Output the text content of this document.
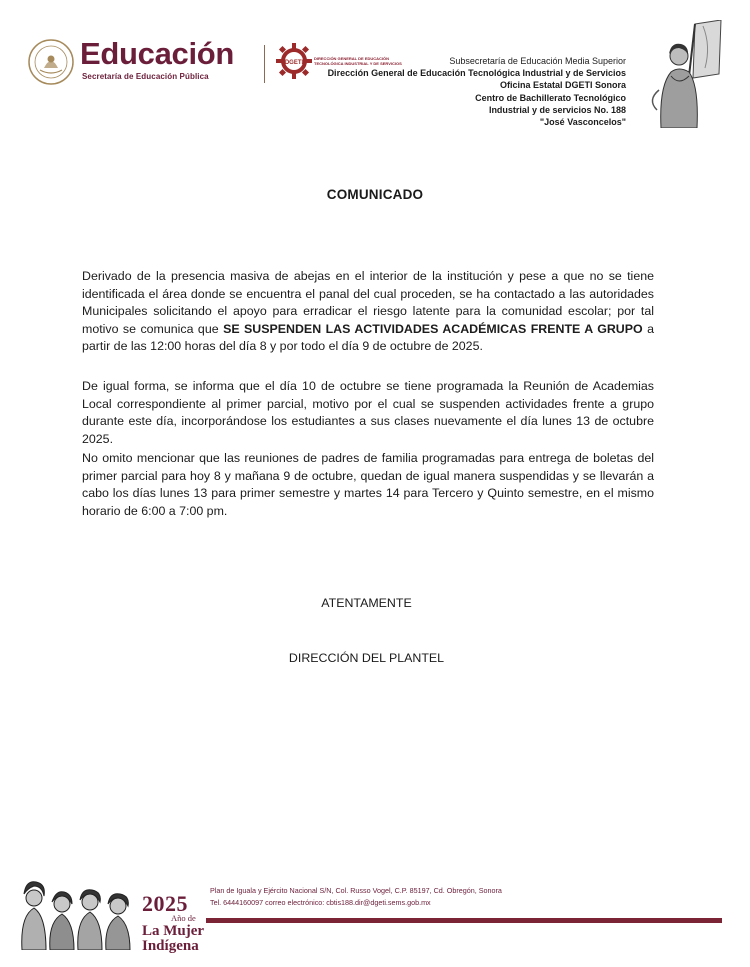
Educación
Secretaría de Educación Pública
DGETI
DIRECCIÓN GENERAL DE EDUCACIÓN
TECNOLÓGICA INDUSTRIAL Y DE SERVICIOS	Subsecretaría de Educación Media Superior
Dirección General de Educación Tecnológica Industrial y de Servicios
Oficina Estatal DGETI Sonora
Centro de Bachillerato Tecnológico
Industrial y de servicios No. 188
"José Vasconcelos"
COMUNICADO
Derivado de la presencia masiva de abejas en el interior de la institución y pese a que no se tiene identificada el área donde se encuentra el panal del cual proceden, se ha contactado a las autoridades Municipales solicitando el apoyo para erradicar el riesgo latente para la comunidad escolar; por tal motivo se comunica que SE SUSPENDEN LAS ACTIVIDADES ACADÉMICAS FRENTE A GRUPO a partir de las 12:00 horas del día 8 y por todo el día 9 de octubre de 2025.
De igual forma, se informa que el día 10 de octubre se tiene programada la Reunión de Academias Local correspondiente al primer parcial, motivo por el cual se suspenden actividades frente a grupo durante este día, incorporándose los estudiantes a sus clases nuevamente el día lunes 13 de octubre 2025.
No omito mencionar que las reuniones de padres de familia programadas para entrega de boletas del primer parcial para hoy 8 y mañana 9 de octubre, quedan de igual manera suspendidas y se llevarán a cabo los días lunes 13 para primer semestre y martes 14 para Tercero y Quinto semestre, en el mismo horario de 6:00 a 7:00 pm.
ATENTAMENTE
DIRECCIÓN DEL PLANTEL
2025
Año de
La Mujer
Indígena
Plan de Iguala y Ejército Nacional S/N, Col. Russo Vogel, C.P. 85197, Cd. Obregón, Sonora
Tel. 6444160097 correo electrónico: cbtis188.dir@dgeti.sems.gob.mx
